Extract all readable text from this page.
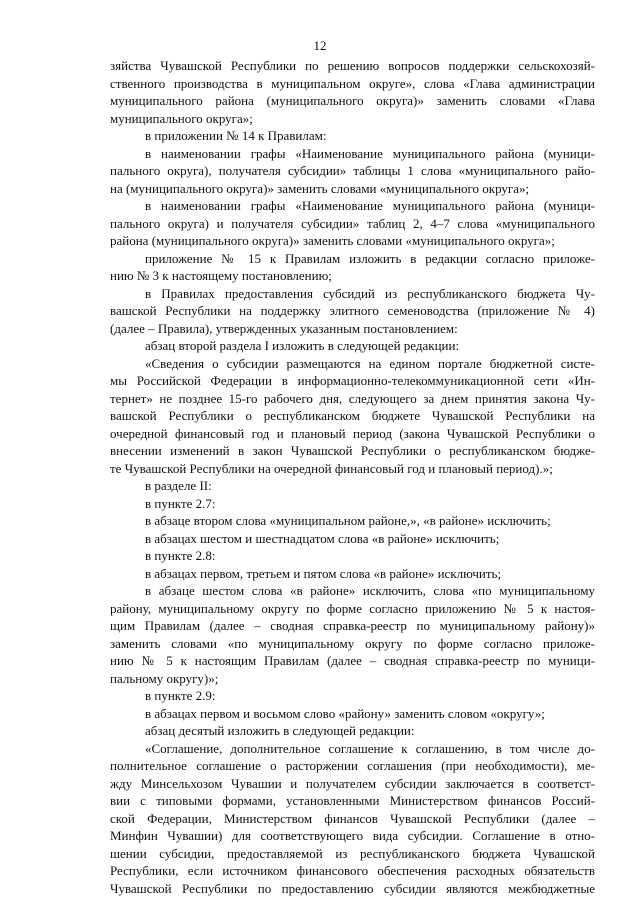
12
зяйства Чувашской Республики по решению вопросов поддержки сельскохозяй-
ственного производства в муниципальном округе», слова «Глава администрации
муниципального района (муниципального округа)» заменить словами «Глава
муниципального округа»;
в приложении № 14 к Правилам:
в наименовании графы «Наименование муниципального района (муници-
пального округа), получателя субсидии» таблицы 1 слова «муниципального райо-
на (муниципального округа)» заменить словами «муниципального округа»;
в наименовании графы «Наименование муниципального района (муници-
пального округа) и получателя субсидии» таблиц 2, 4–7 слова «муниципального
района (муниципального округа)» заменить словами «муниципального округа»;
приложение № 15 к Правилам изложить в редакции согласно приложе-
нию № 3 к настоящему постановлению;
в Правилах предоставления субсидий из республиканского бюджета Чу-
вашской Республики на поддержку элитного семеноводства (приложение № 4)
(далее – Правила), утвержденных указанным постановлением:
абзац второй раздела I изложить в следующей редакции:
«Сведения о субсидии размещаются на едином портале бюджетной систе-
мы Российской Федерации в информационно-телекоммуникационной сети «Ин-
тернет» не позднее 15-го рабочего дня, следующего за днем принятия закона Чу-
вашской Республики о республиканском бюджете Чувашской Республики на
очередной финансовый год и плановый период (закона Чувашской Республики о
внесении изменений в закон Чувашской Республики о республиканском бюдже-
те Чувашской Республики на очередной финансовый год и плановый период).»;
в разделе II:
в пункте 2.7:
в абзаце втором слова «муниципальном районе,», «в районе» исключить;
в абзацах шестом и шестнадцатом слова «в районе» исключить;
в пункте 2.8:
в абзацах первом, третьем и пятом слова «в районе» исключить;
в абзаце шестом слова «в районе» исключить, слова «по муниципальному
району, муниципальному округу по форме согласно приложению № 5 к настоя-
щим Правилам (далее – сводная справка-реестр по муниципальному району)»
заменить словами «по муниципальному округу по форме согласно приложе-
нию № 5 к настоящим Правилам (далее – сводная справка-реестр по муници-
пальному округу)»;
в пункте 2.9:
в абзацах первом и восьмом слово «району» заменить словом «округу»;
абзац десятый изложить в следующей редакции:
«Соглашение, дополнительное соглашение к соглашению, в том числе до-
полнительное соглашение о расторжении соглашения (при необходимости), ме-
жду Минсельхозом Чувашии и получателем субсидии заключается в соответст-
вии с типовыми формами, установленными Министерством финансов Россий-
ской Федерации, Министерством финансов Чувашской Республики (далее –
Минфин Чувашии) для соответствующего вида субсидии. Соглашение в отно-
шении субсидии, предоставляемой из республиканского бюджета Чувашской
Республики, если источником финансового обеспечения расходных обязательств
Чувашской Республики по предоставлению субсидии являются межбюджетные
